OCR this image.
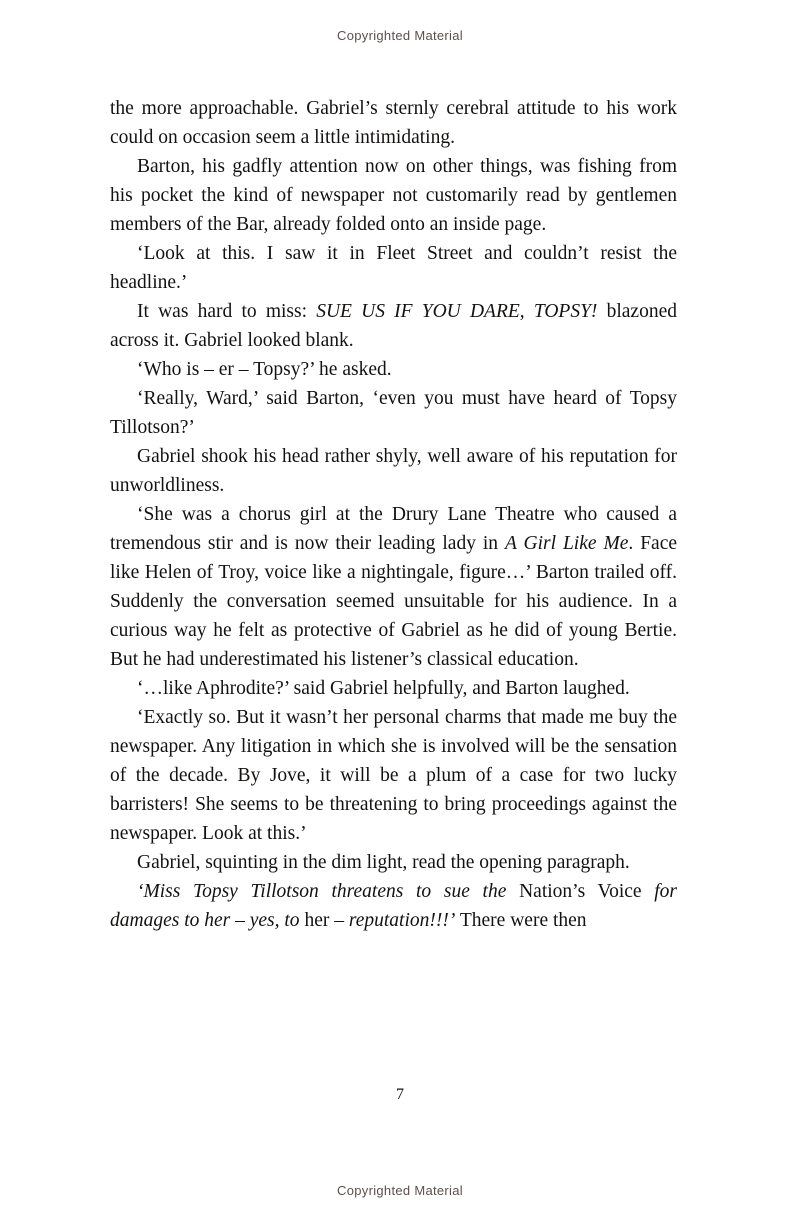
Copyrighted Material

the more approachable. Gabriel’s sternly cerebral attitude to his work could on occasion seem a little intimidating.

Barton, his gadfly attention now on other things, was fishing from his pocket the kind of newspaper not customarily read by gentlemen members of the Bar, already folded onto an inside page.

‘Look at this. I saw it in Fleet Street and couldn’t resist the headline.’

It was hard to miss: SUE US IF YOU DARE, TOPSY! blazoned across it. Gabriel looked blank.

‘Who is – er – Topsy?’ he asked.

‘Really, Ward,’ said Barton, ‘even you must have heard of Topsy Tillotson?’

Gabriel shook his head rather shyly, well aware of his reputation for unworldliness.

‘She was a chorus girl at the Drury Lane Theatre who caused a tremendous stir and is now their leading lady in A Girl Like Me. Face like Helen of Troy, voice like a nightingale, figure…’ Barton trailed off. Suddenly the conversation seemed unsuitable for his audience. In a curious way he felt as protective of Gabriel as he did of young Bertie. But he had underestimated his listener’s classical education.

‘…like Aphrodite?’ said Gabriel helpfully, and Barton laughed.

‘Exactly so. But it wasn’t her personal charms that made me buy the newspaper. Any litigation in which she is involved will be the sensation of the decade. By Jove, it will be a plum of a case for two lucky barristers! She seems to be threatening to bring proceedings against the newspaper. Look at this.’

Gabriel, squinting in the dim light, read the opening paragraph.

‘Miss Topsy Tillotson threatens to sue the Nation’s Voice for damages to her – yes, to her – reputation!!!’ There were then

7
Copyrighted Material
